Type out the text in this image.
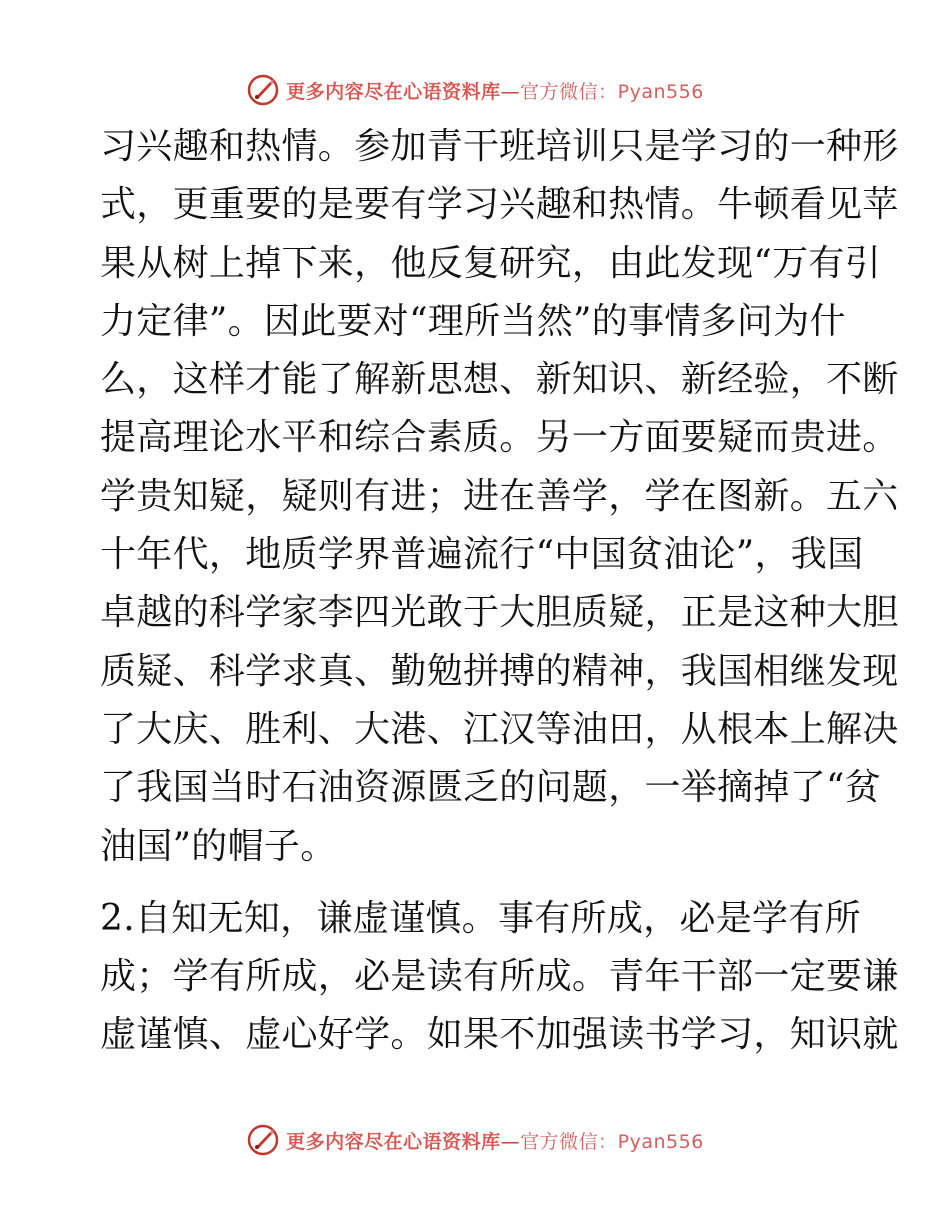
更多内容尽在心语资料库—官方微信：Pyan556
习兴趣和热情。参加青干班培训只是学习的一种形
式，更重要的是要有学习兴趣和热情。牛顿看见苹
果从树上掉下来，他反复研究，由此发现“万有引
力定律”。因此要对“理所当然”的事情多问为什
么，这样才能了解新思想、新知识、新经验，不断
提高理论水平和综合素质。另一方面要疑而贵进。
学贵知疑，疑则有进；进在善学，学在图新。五六
十年代，地质学界普遍流行“中国贫油论”，我国
卓越的科学家李四光敢于大胆质疑，正是这种大胆
质疑、科学求真、勤勉拼搏的精神，我国相继发现
了大庆、胜利、大港、江汉等油田，从根本上解决
了我国当时石油资源匮乏的问题，一举摘掉了“贫
油国”的帽子。
2.自知无知，谦虚谨慎。事有所成，必是学有所
成；学有所成，必是读有所成。青年干部一定要谦
虚谨慎、虚心好学。如果不加强读书学习，知识就
更多内容尽在心语资料库—官方微信：Pyan556
